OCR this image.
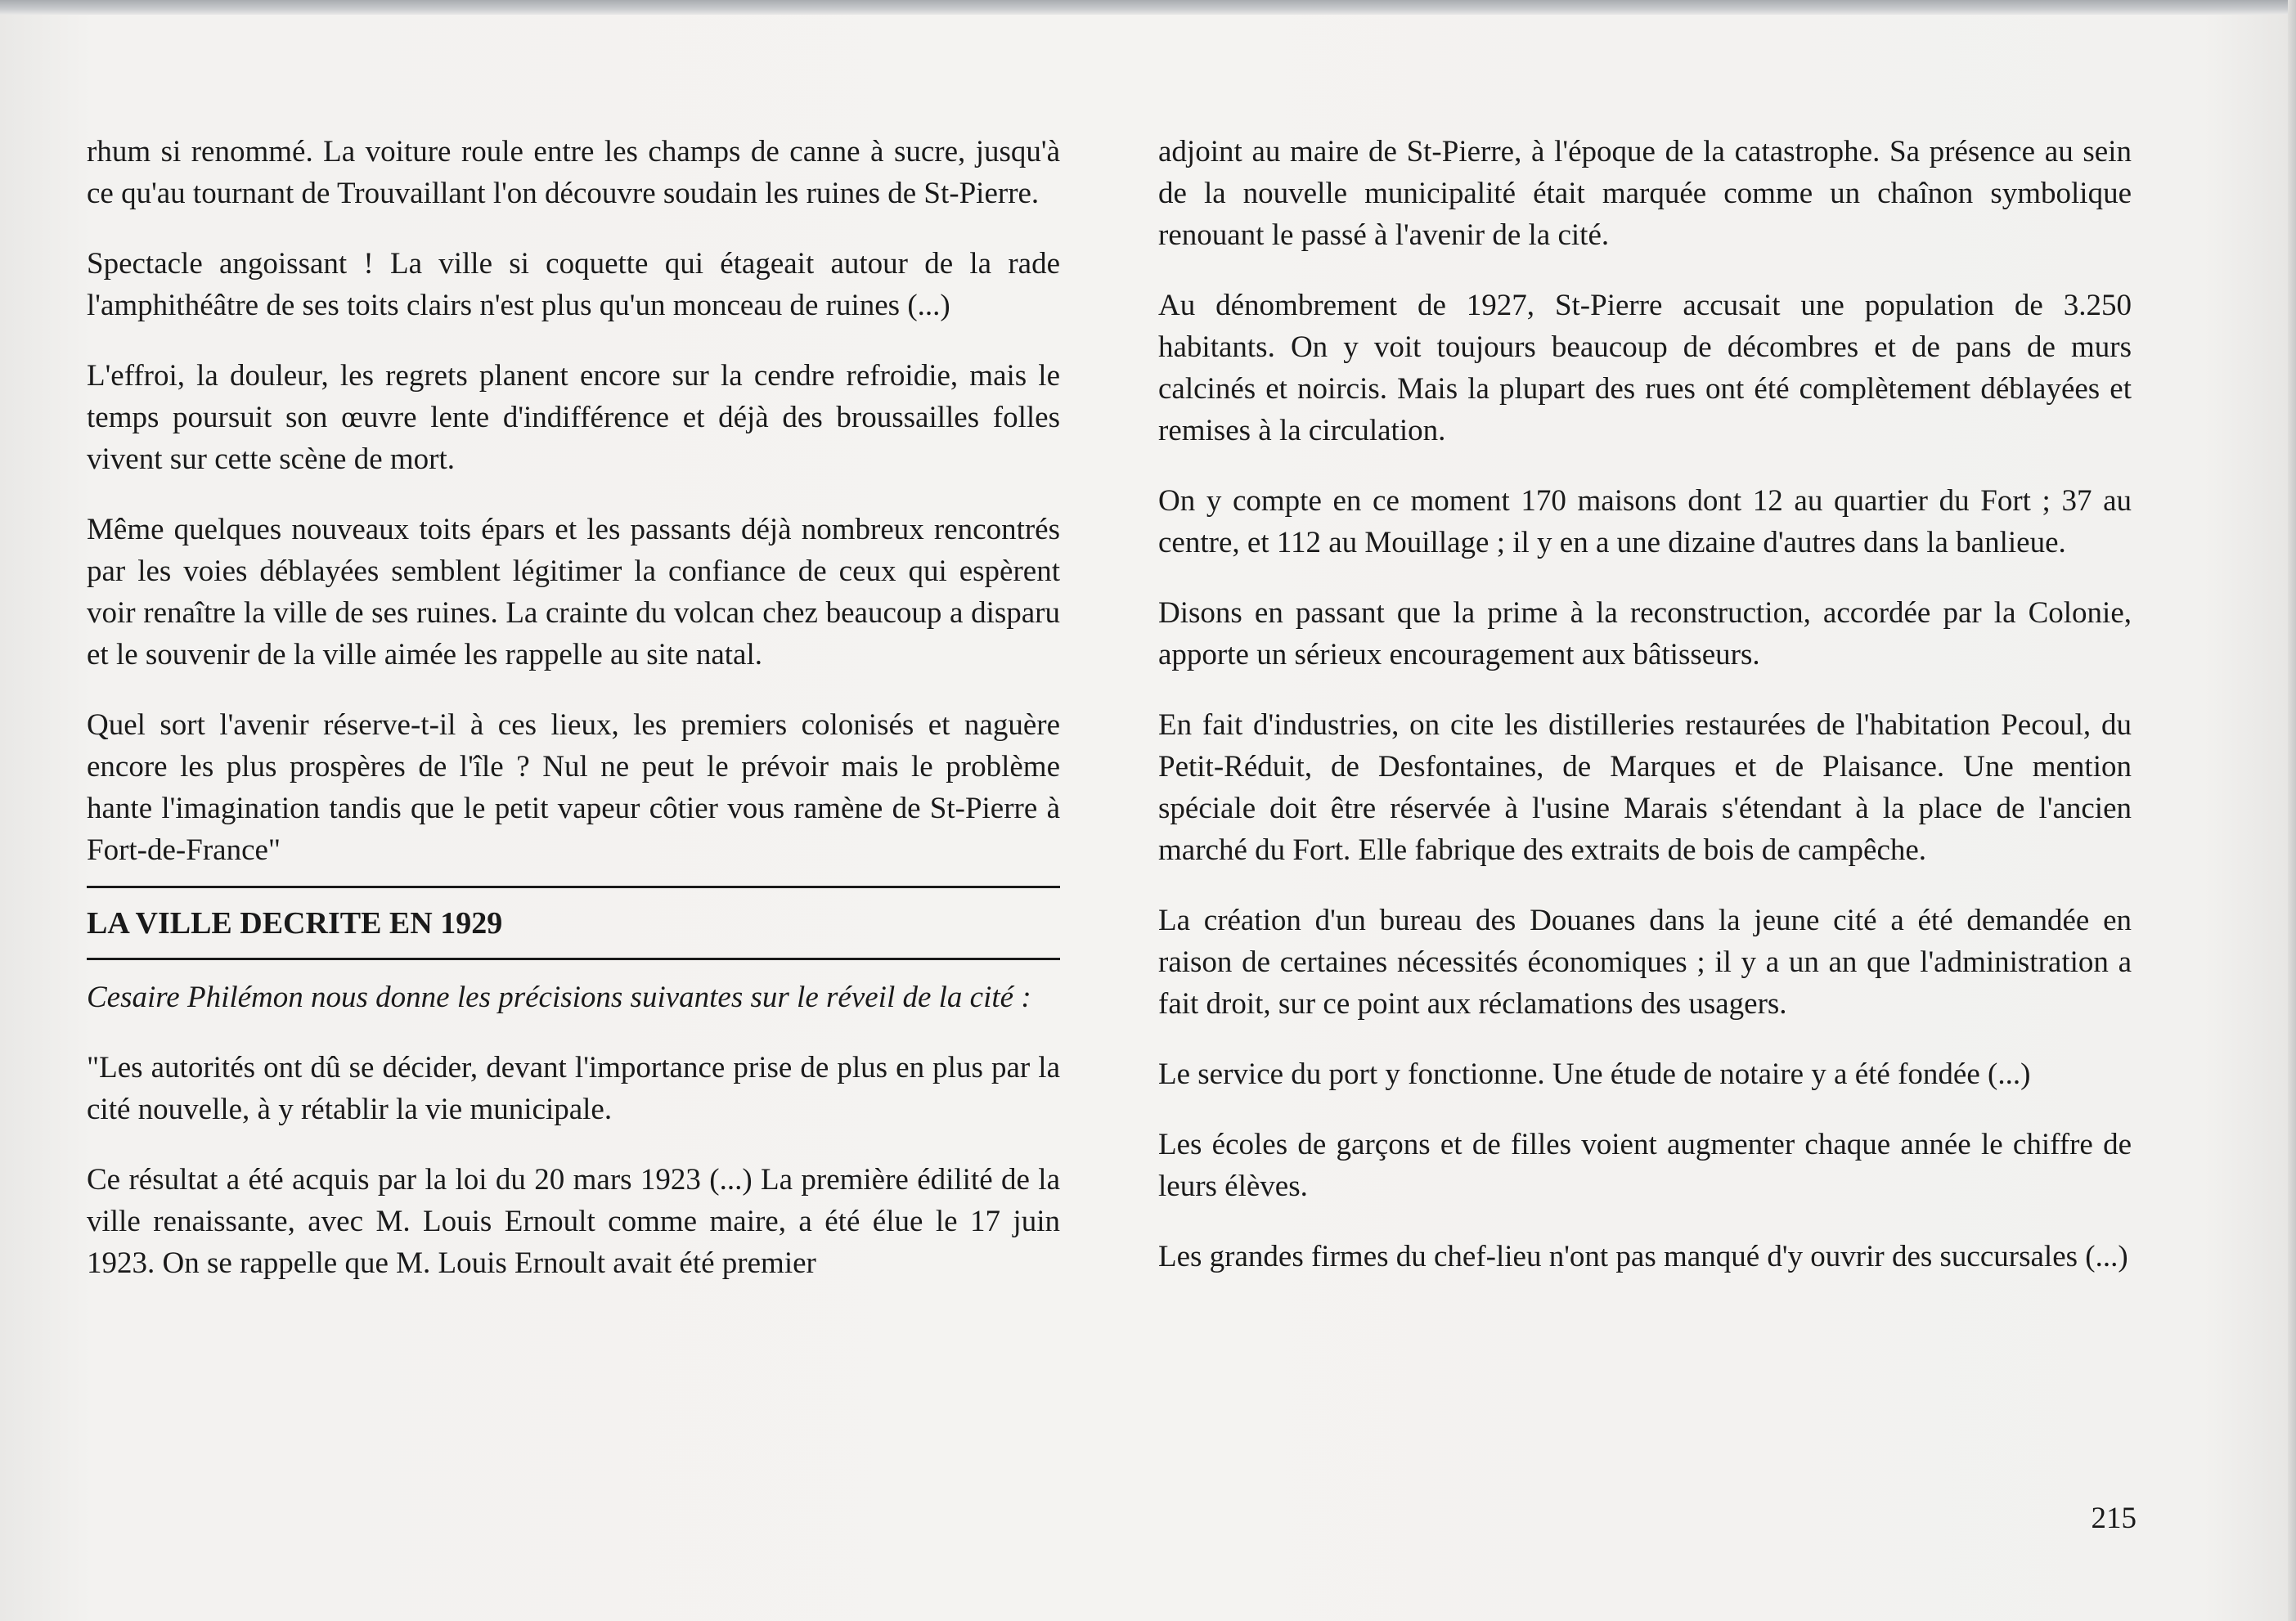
rhum si renommé. La voiture roule entre les champs de canne à sucre, jusqu'à ce qu'au tournant de Trouvaillant l'on découvre soudain les ruines de St-Pierre.

Spectacle angoissant ! La ville si coquette qui étageait autour de la rade l'amphithéâtre de ses toits clairs n'est plus qu'un monceau de ruines (...)

L'effroi, la douleur, les regrets planent encore sur la cendre refroidie, mais le temps poursuit son œuvre lente d'indifférence et déjà des broussailles folles vivent sur cette scène de mort.

Même quelques nouveaux toits épars et les passants déjà nombreux rencontrés par les voies déblayées semblent légitimer la confiance de ceux qui espèrent voir renaître la ville de ses ruines. La crainte du volcan chez beaucoup a disparu et le souvenir de la ville aimée les rappelle au site natal.

Quel sort l'avenir réserve-t-il à ces lieux, les premiers colonisés et naguère encore les plus prospères de l'île ? Nul ne peut le prévoir mais le problème hante l'imagination tandis que le petit vapeur côtier vous ramène de St-Pierre à Fort-de-France"

LA VILLE DECRITE EN 1929

Cesaire Philémon nous donne les précisions suivantes sur le réveil de la cité :

"Les autorités ont dû se décider, devant l'importance prise de plus en plus par la cité nouvelle, à y rétablir la vie municipale.

Ce résultat a été acquis par la loi du 20 mars 1923 (...) La première édilité de la ville renaissante, avec M. Louis Ernoult comme maire, a été élue le 17 juin 1923. On se rappelle que M. Louis Ernoult avait été premier

adjoint au maire de St-Pierre, à l'époque de la catastrophe. Sa présence au sein de la nouvelle municipalité était marquée comme un chaînon symbolique renouant le passé à l'avenir de la cité.

Au dénombrement de 1927, St-Pierre accusait une population de 3.250 habitants. On y voit toujours beaucoup de décombres et de pans de murs calcinés et noircis. Mais la plupart des rues ont été complètement déblayées et remises à la circulation.

On y compte en ce moment 170 maisons dont 12 au quartier du Fort ; 37 au centre, et 112 au Mouillage ; il y en a une dizaine d'autres dans la banlieue.

Disons en passant que la prime à la reconstruction, accordée par la Colonie, apporte un sérieux encouragement aux bâtisseurs.

En fait d'industries, on cite les distilleries restaurées de l'habitation Pecoul, du Petit-Réduit, de Desfontaines, de Marques et de Plaisance. Une mention spéciale doit être réservée à l'usine Marais s'étendant à la place de l'ancien marché du Fort. Elle fabrique des extraits de bois de campêche.

La création d'un bureau des Douanes dans la jeune cité a été demandée en raison de certaines nécessités économiques ; il y a un an que l'administration a fait droit, sur ce point aux réclamations des usagers.

Le service du port y fonctionne. Une étude de notaire y a été fondée (...)

Les écoles de garçons et de filles voient augmenter chaque année le chiffre de leurs élèves.

Les grandes firmes du chef-lieu n'ont pas manqué d'y ouvrir des succursales (...)

215
